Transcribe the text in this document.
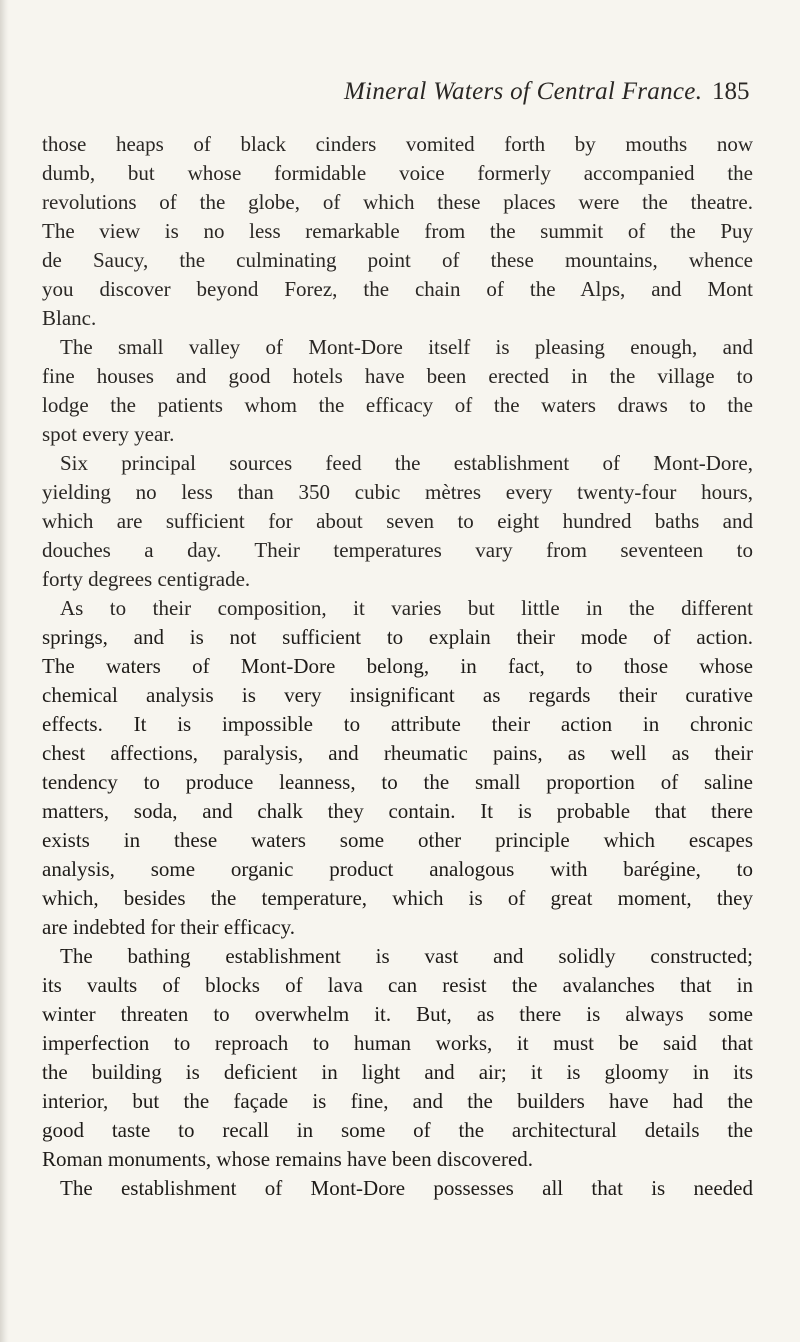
Mineral Waters of Central France. 185
those heaps of black cinders vomited forth by mouths now
dumb, but whose formidable voice formerly accompanied the
revolutions of the globe, of which these places were the theatre.
The view is no less remarkable from the summit of the Puy
de Saucy, the culminating point of these mountains, whence
you discover beyond Forez, the chain of the Alps, and Mont
Blanc.
The small valley of Mont-Dore itself is pleasing enough, and
fine houses and good hotels have been erected in the village to
lodge the patients whom the efficacy of the waters draws to the
spot every year.
Six principal sources feed the establishment of Mont-Dore,
yielding no less than 350 cubic mètres every twenty-four hours,
which are sufficient for about seven to eight hundred baths and
douches a day. Their temperatures vary from seventeen to
forty degrees centigrade.
As to their composition, it varies but little in the different
springs, and is not sufficient to explain their mode of action.
The waters of Mont-Dore belong, in fact, to those whose
chemical analysis is very insignificant as regards their curative
effects. It is impossible to attribute their action in chronic
chest affections, paralysis, and rheumatic pains, as well as their
tendency to produce leanness, to the small proportion of saline
matters, soda, and chalk they contain. It is probable that there
exists in these waters some other principle which escapes
analysis, some organic product analogous with barégine, to
which, besides the temperature, which is of great moment, they
are indebted for their efficacy.
The bathing establishment is vast and solidly constructed;
its vaults of blocks of lava can resist the avalanches that in
winter threaten to overwhelm it. But, as there is always some
imperfection to reproach to human works, it must be said that
the building is deficient in light and air; it is gloomy in its
interior, but the façade is fine, and the builders have had the
good taste to recall in some of the architectural details the
Roman monuments, whose remains have been discovered.
The establishment of Mont-Dore possesses all that is needed
